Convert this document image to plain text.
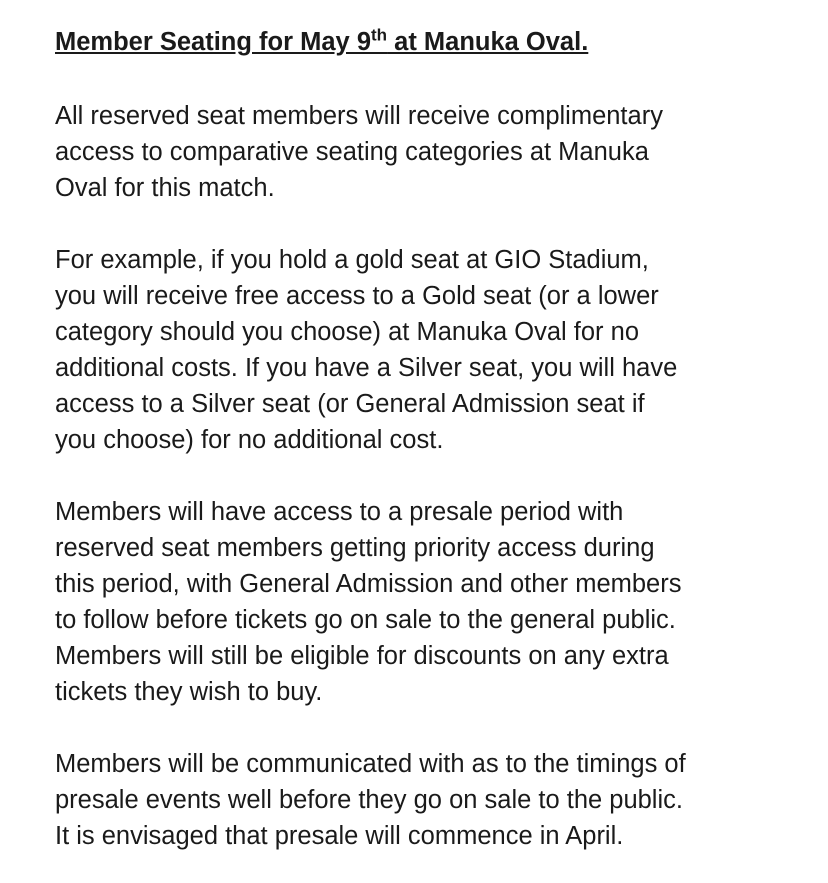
Member Seating for May 9th at Manuka Oval.
All reserved seat members will receive complimentary
access to comparative seating categories at Manuka
Oval for this match.
For example, if you hold a gold seat at GIO Stadium,
you will receive free access to a Gold seat (or a lower
category should you choose) at Manuka Oval for no
additional costs. If you have a Silver seat, you will have
access to a Silver seat (or General Admission seat if
you choose) for no additional cost.
Members will have access to a presale period with
reserved seat members getting priority access during
this period, with General Admission and other members
to follow before tickets go on sale to the general public.
Members will still be eligible for discounts on any extra
tickets they wish to buy.
Members will be communicated with as to the timings of
presale events well before they go on sale to the public.
It is envisaged that presale will commence in April.
